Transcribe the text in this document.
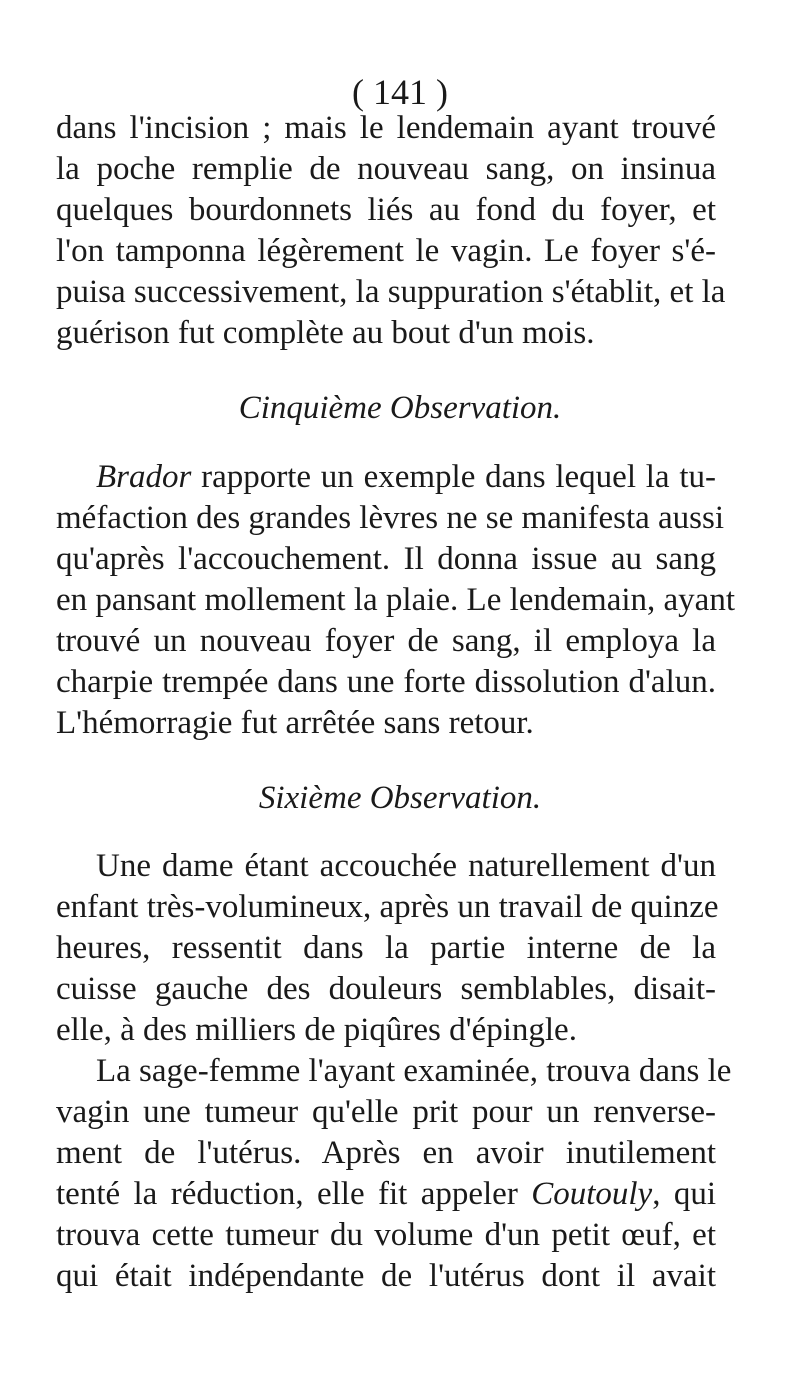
( 141 )
dans l'incision ; mais le lendemain ayant trouvé
la poche remplie de nouveau sang, on insinua
quelques bourdonnets liés au fond du foyer, et
l'on tamponna légèrement le vagin. Le foyer s'é-
puisa successivement, la suppuration s'établit, et la
guérison fut complète au bout d'un mois.
Cinquième Observation.
Brador rapporte un exemple dans lequel la tu-
méfaction des grandes lèvres ne se manifesta aussi
qu'après l'accouchement. Il donna issue au sang
en pansant mollement la plaie. Le lendemain, ayant
trouvé un nouveau foyer de sang, il employa la
charpie trempée dans une forte dissolution d'alun.
L'hémorragie fut arrêtée sans retour.
Sixième Observation.
Une dame étant accouchée naturellement d'un
enfant très-volumineux, après un travail de quinze
heures, ressentit dans la partie interne de la
cuisse gauche des douleurs semblables, disait-
elle, à des milliers de piqûres d'épingle.
La sage-femme l'ayant examinée, trouva dans le
vagin une tumeur qu'elle prit pour un renverse-
ment de l'utérus. Après en avoir inutilement
tenté la réduction, elle fit appeler Coutouly, qui
trouva cette tumeur du volume d'un petit œuf, et
qui était indépendante de l'utérus dont il avait
